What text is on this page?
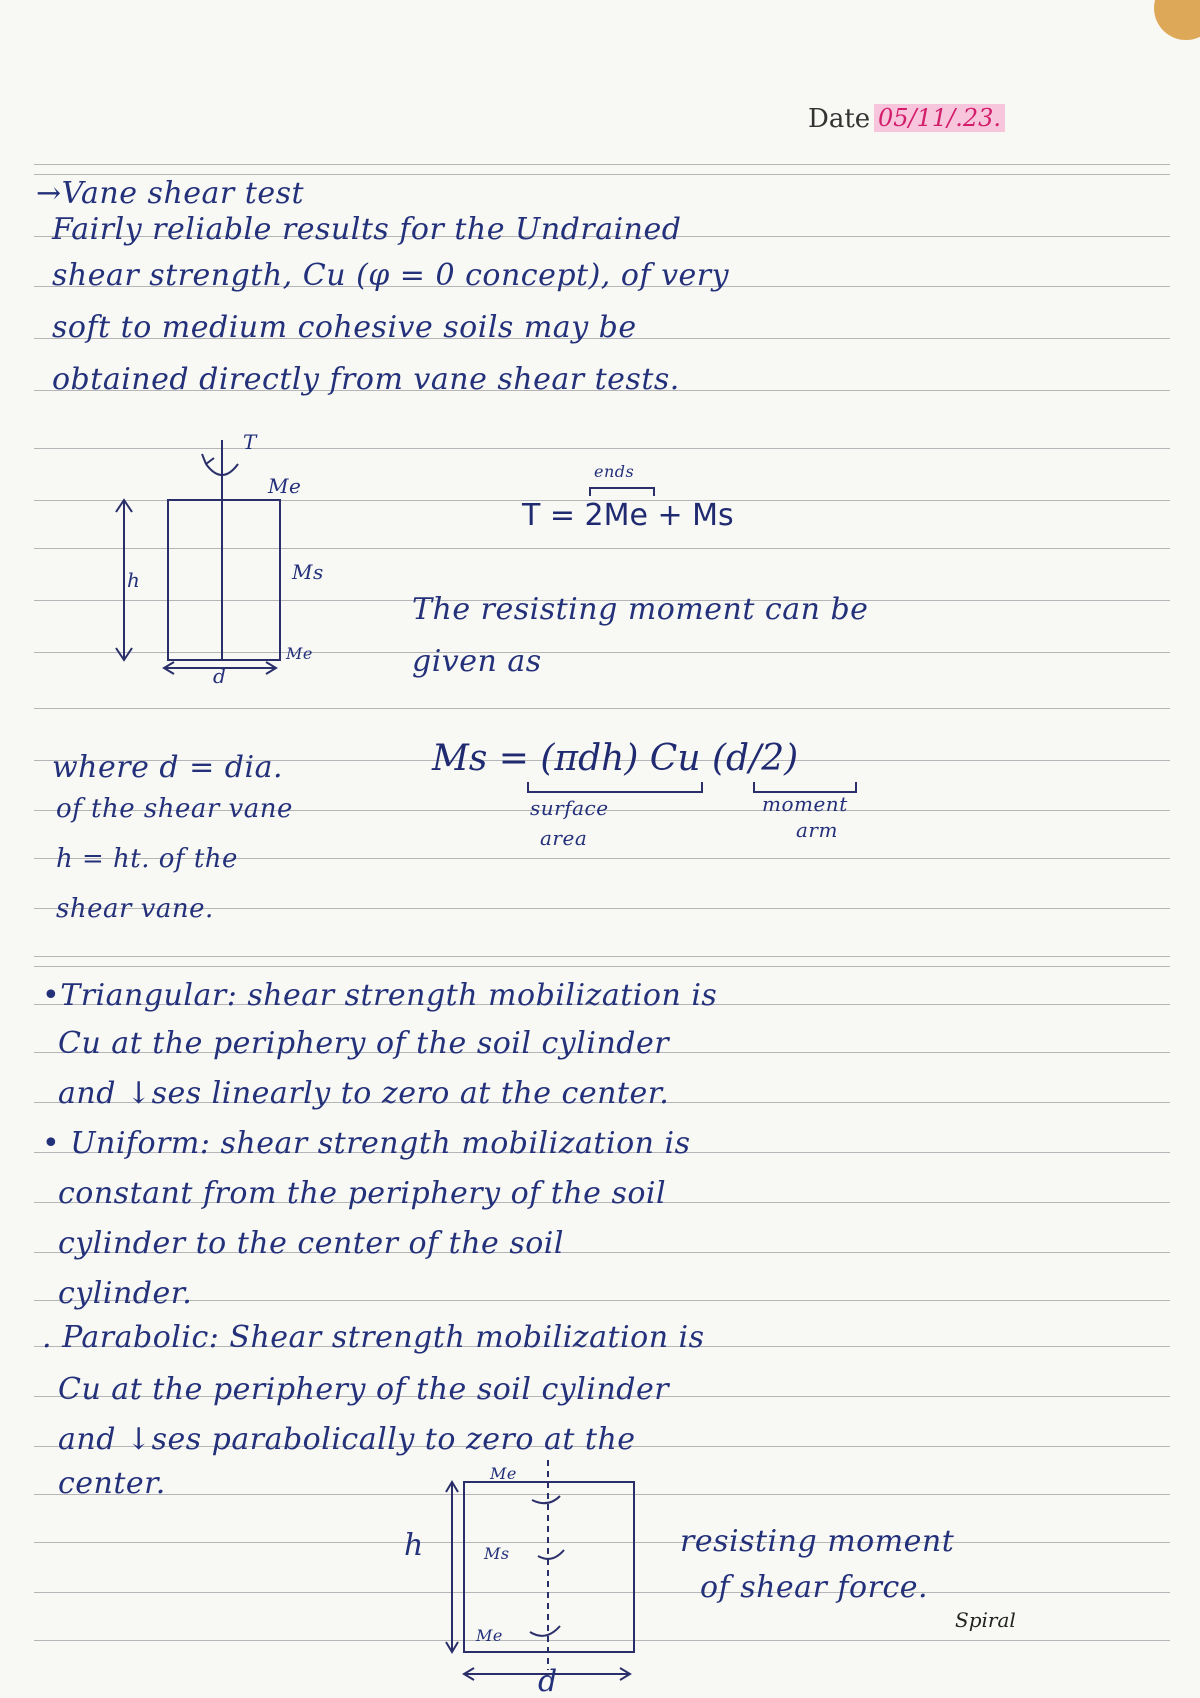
Date 05/11/.23.
→Vane shear test
Fairly reliable results for the Undrained
shear strength, Cu (φ = 0 concept), of very
soft to medium cohesive soils may be
obtained directly from vane shear tests.
T
Me
Ms
h
d
Me
ends
T = 2Me + Ms
The resisting moment can be
given as
Ms = (πdh) Cu (d/2)
surface
area
moment
arm
where d = dia.
of the shear vane
h = ht. of the
shear vane.
•Triangular: shear strength mobilization is
Cu at the periphery of the soil cylinder
and ↓ses linearly to zero at the center.
• Uniform: shear strength mobilization is
constant from the periphery of the soil
cylinder to the center of the soil
cylinder.
. Parabolic: Shear strength mobilization is
Cu at the periphery of the soil cylinder
and ↓ses parabolically to zero at the
center.	Me
Ms
Me
h
d
resisting moment
of shear force.
Spiral
